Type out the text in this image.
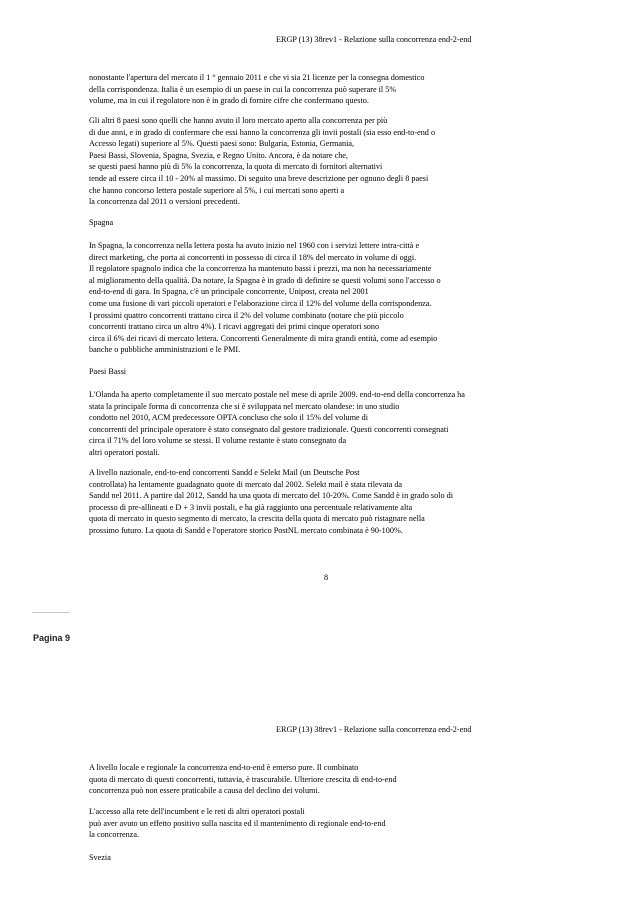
ERGP (13) 38rev1 - Relazione sulla concorrenza end-2-end

nonostante l'apertura del mercato il 1 ° gennaio 2011 e che vi sia 21 licenze per la consegna domestico
della corrispondenza. Italia è un esempio di un paese in cui la concorrenza può superare il 5%
volume, ma in cui il regolatore non è in grado di fornire cifre che confermano questo.

Gli altri 8 paesi sono quelli che hanno avuto il loro mercato aperto alla concorrenza per più
di due anni, e in grado di confermare che essi hanno la concorrenza gli invii postali (sia esso end-to-end o
Accesso legati) superiore al 5%. Questi paesi sono: Bulgaria, Estonia, Germania,
Paesi Bassi, Slovenia, Spagna, Svezia, e Regno Unito. Ancora, è da notare che,
se questi paesi hanno più di 5% la concorrenza, la quota di mercato di fornitori alternativi
tende ad essere circa il 10 - 20% al massimo. Di seguito una breve descrizione per ognuno degli 8 paesi
che hanno concorso lettera postale superiore al 5%, i cui mercati sono aperti a
la concorrenza dal 2011 o versioni precedenti.

Spagna

In Spagna, la concorrenza nella lettera posta ha avuto inizio nel 1960 con i servizi lettere intra-città e
direct marketing, che porta ai concorrenti in possesso di circa il 18% del mercato in volume di oggi.
Il regolatore spagnolo indica che la concorrenza ha mantenuto bassi i prezzi, ma non ha necessariamente
al miglioramento della qualità. Da notare, la Spagna è in grado di definire se questi volumi sono l'accesso o
end-to-end di gara. In Spagna, c'è un principale concorrente, Unipost, creata nel 2001
come una fusione di vari piccoli operatori e l'elaborazione circa il 12% del volume della corrispondenza.
I prossimi quattro concorrenti trattano circa il 2% del volume combinato (notare che più piccolo
concorrenti trattano circa un altro 4%). I ricavi aggregati dei primi cinque operatori sono
circa il 6% dei ricavi di mercato lettera. Concorrenti Generalmente di mira grandi entità, come ad esempio
banche o pubbliche amministrazioni e le PMI.

Paesi Bassi

L'Olanda ha aperto completamente il suo mercato postale nel mese di aprile 2009. end-to-end della concorrenza ha
stata la principale forma di concorrenza che si è sviluppata nel mercato olandese: in uno studio
condotto nel 2010, ACM predecessore OPTA concluso che solo il 15% del volume di
concorrenti del principale operatore è stato consegnato dal gestore tradizionale. Questi concorrenti consegnati
circa il 71% del loro volume se stessi. Il volume restante è stato consegnato da
altri operatori postali.

A livello nazionale, end-to-end concorrenti Sandd e Selekt Mail (un Deutsche Post
controllata) ha lentamente guadagnato quote di mercato dal 2002. Selekt mail è stata rilevata da
Sandd nel 2011. A partire dal 2012, Sandd ha una quota di mercato del 10-20%. Come Sandd è in grado solo di
processo di pre-allineati e D + 3 invii postali, e ha già raggiunto una percentuale relativamente alta
quota di mercato in questo segmento di mercato, la crescita della quota di mercato può ristagnare nella
prossimo futuro. La quota di Sandd e l'operatore storico PostNL mercato combinata è 90-100%.

8
Pagina 9
ERGP (13) 38rev1 - Relazione sulla concorrenza end-2-end

A livello locale e regionale la concorrenza end-to-end è emerso pure. Il combinato
quota di mercato di questi concorrenti, tuttavia, è trascurabile. Ulteriore crescita di end-to-end
concorrenza può non essere praticabile a causa del declino dei volumi.

L'accesso alla rete dell'incumbent e le reti di altri operatori postali
può aver avuto un effetto positivo sulla nascita ed il mantenimento di regionale end-to-end
la concorrenza.

Svezia
